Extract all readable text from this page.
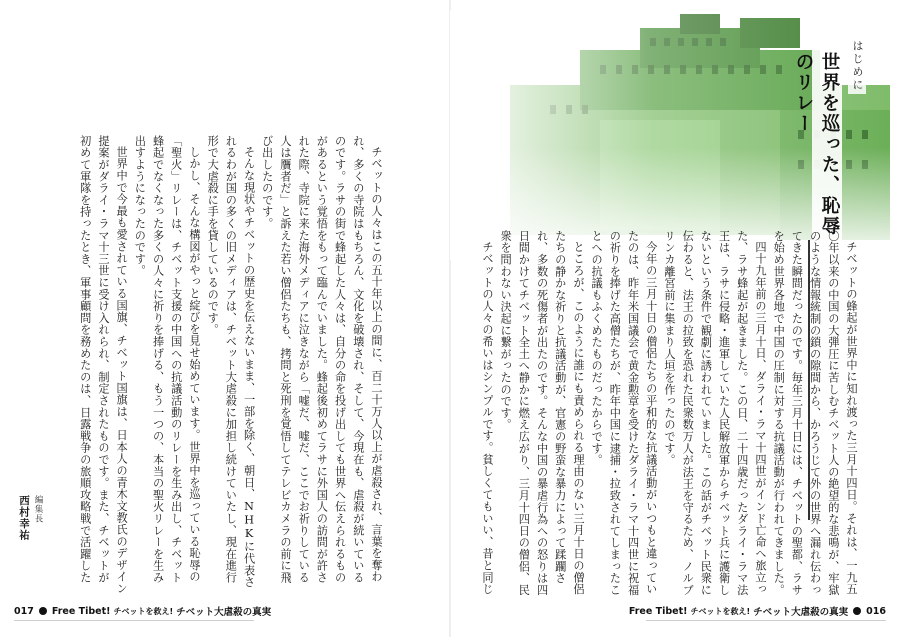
チベットの人々はこの五十年以上の間に、百二十万人以上が虐殺され、言葉を奪われ、多くの寺院はもちろん、文化を破壊され、そして、今現在も、虐殺が続いているのです。ラサの街で蜂起した人々は、自分の命を投げ出しても世界へ伝えられるものがあるという覚悟をもって臨んでいました。蜂起後初めてラサに外国人の訪問が許された際、寺院に来た海外メディアに泣きながら「嘘だ、嘘だ、ここでお祈りしている人は贋者だ」と訴えた若い僧侶たちも、拷問と死刑を覚悟してテレビカメラの前に飛び出したのです。

そんな現状やチベットの歴史を伝えないまま、一部を除く、朝日、NHKに代表されるわが国の多くの旧メディアは、チベット大虐殺に加担し続けていたし、現在進行形で大虐殺に手を貸しているのです。

しかし、そんな構図がやっと綻びを見せ始めています。世界中を巡っている恥辱の「聖火」リレーは、チベット支援の中国への抗議活動のリレーを生み出し、チベット蜂起でなくなった多くの人々に祈りを捧げる、もう一つの、本当の聖火リレーを生み出すようになったのです。

世界中で今最も愛されている国旗、チベット国旗は、日本人の青木文教氏のデザイン提案がダライ・ラマ十三世に受け入れられ、制定されたものです。また、チベットが初めて軍隊を持ったとき、軍事顧問を務めたのは、日露戦争の旅順攻略戦で活躍した

編集長
西村幸祐
はじめに
世界を巡った、恥辱のリレー

チベットの蜂起が世界中に知れ渡った三月十四日。それは、一九五〇年以来の中国の大弾圧に苦しむチベット人の絶望的な悲鳴が、牢獄のような情報統制の鎖の隙間から、かろうじて外の世界へ漏れ伝わってきた瞬間だったのです。毎年三月十日には、チベットの聖都、ラサを始め世界各地で中国の圧制に対する抗議活動が行われてきました。

四十九年前の三月十日、ダライ・ラマ十四世がインド亡命へ旅立った、ラサ蜂起が起きました。この日、二十四歳だったダライ・ラマ法王は、ラサに侵略・進軍していた人民解放軍からチベット兵に護衛しないという条件で観劇に誘われていました。この話がチベット民衆に伝わると、法王の拉致を恐れた民衆数万人が法王を守るため、ノルブリンカ離宮前に集まり人垣を作ったのです。

今年の三月十日の僧侶たちの平和的な抗議活動がいつもと違っていたのは、昨年米国議会で黄金勲章を受けたダライ・ラマ十四世に祝福の祈りを捧げた高僧たちが、昨年中国に逮捕・拉致されてしまったことへの抗議もふくめたものだったからです。

ところが、このように誰にも責められる理由のない三月十日の僧侶たちの静かな祈りと抗議活動が、官憲の野蛮な暴力によって蹂躙され、多数の死傷者が出たのです。そんな中国の暴虐行為への怒りは四日間かけてチベット全土へ静かに燃え広がり、三月十四日の僧侶、民衆を問わない決起に繋がったのです。

チベットの人々の希いはシンプルです。貧しくてもいい、昔と同じ

017 Free Tibet! チベットを救え! チベット大虐殺の真実	Free Tibet! チベットを救え! チベット大虐殺の真実 016
